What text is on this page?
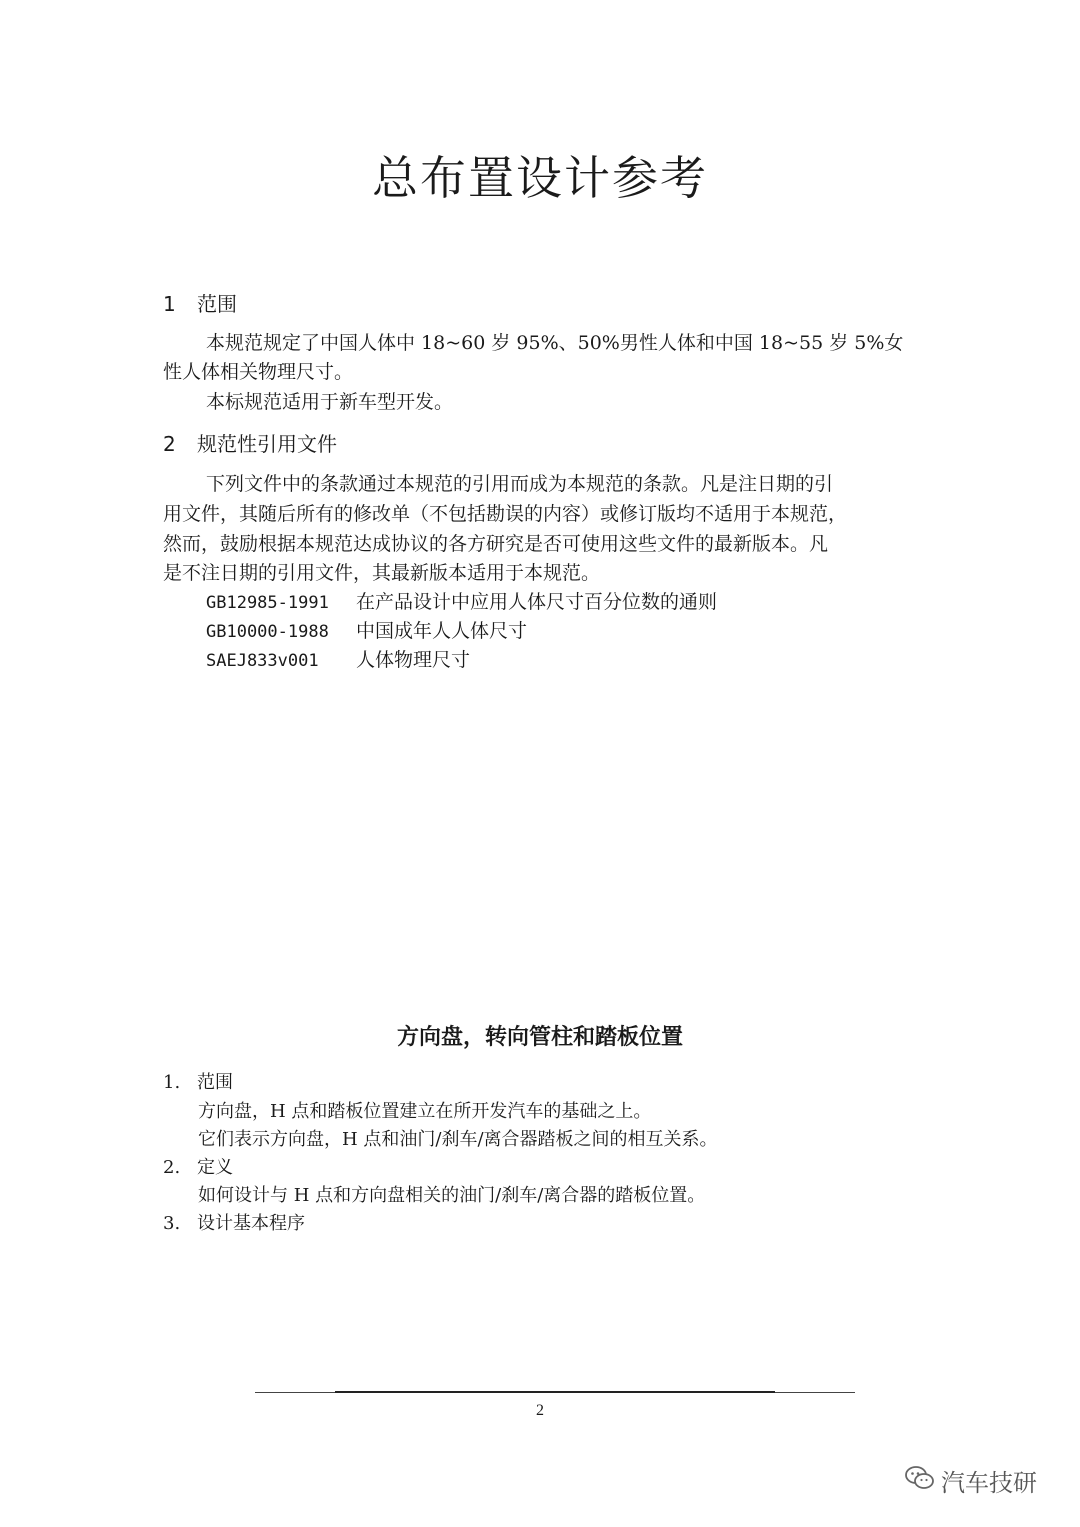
总布置设计参考
1 范围
本规范规定了中国人体中 18~60 岁 95%、50%男性人体和中国 18~55 岁 5%女
性人体相关物理尺寸。
本标规范适用于新车型开发。
2 规范性引用文件
下列文件中的条款通过本规范的引用而成为本规范的条款。凡是注日期的引
用文件，其随后所有的修改单（不包括勘误的内容）或修订版均不适用于本规范，
然而，鼓励根据本规范达成协议的各方研究是否可使用这些文件的最新版本。凡
是不注日期的引用文件，其最新版本适用于本规范。
GB12985-1991 在产品设计中应用人体尺寸百分位数的通则
GB10000-1988 中国成年人人体尺寸
SAEJ833v001 人体物理尺寸
方向盘，转向管柱和踏板位置
1. 范围
方向盘，H 点和踏板位置建立在所开发汽车的基础之上。
它们表示方向盘，H 点和油门/刹车/离合器踏板之间的相互关系。
2. 定义
如何设计与 H 点和方向盘相关的油门/刹车/离合器的踏板位置。
3. 设计基本程序
2
汽车技研
